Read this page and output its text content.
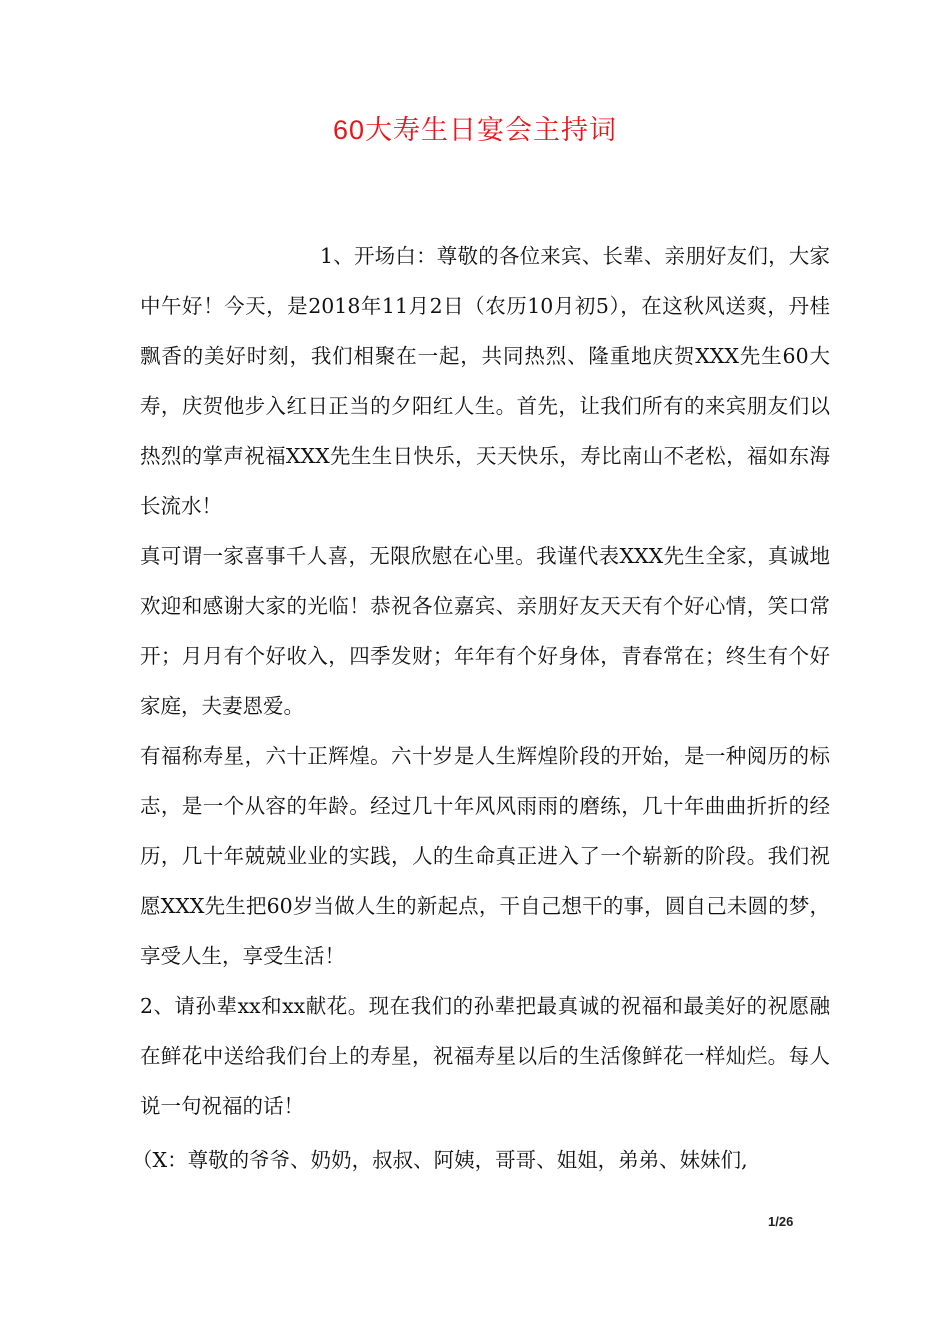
60大寿生日宴会主持词

1、开场白：尊敬的各位来宾、长辈、亲朋好友们，大家中午好！今天，是2018年11月2日（农历10月初5），在这秋风送爽，丹桂飘香的美好时刻，我们相聚在一起，共同热烈、隆重地庆贺XXX先生60大寿，庆贺他步入红日正当的夕阳红人生。首先，让我们所有的来宾朋友们以热烈的掌声祝福XXX先生生日快乐，天天快乐，寿比南山不老松，福如东海长流水！

真可谓一家喜事千人喜，无限欣慰在心里。我谨代表XXX先生全家，真诚地欢迎和感谢大家的光临！恭祝各位嘉宾、亲朋好友天天有个好心情，笑口常开；月月有个好收入，四季发财；年年有个好身体，青春常在；终生有个好家庭，夫妻恩爱。

有福称寿星，六十正辉煌。六十岁是人生辉煌阶段的开始，是一种阅历的标志，是一个从容的年龄。经过几十年风风雨雨的磨练，几十年曲曲折折的经历，几十年兢兢业业的实践，人的生命真正进入了一个崭新的阶段。我们祝愿XXX先生把60岁当做人生的新起点，干自己想干的事，圆自己未圆的梦，享受人生，享受生活！

2、请孙辈xx和xx献花。现在我们的孙辈把最真诚的祝福和最美好的祝愿融在鲜花中送给我们台上的寿星，祝福寿星以后的生活像鲜花一样灿烂。每人说一句祝福的话！

（X：尊敬的爷爷、奶奶，叔叔、阿姨，哥哥、姐姐，弟弟、妹妹们,

1/26
